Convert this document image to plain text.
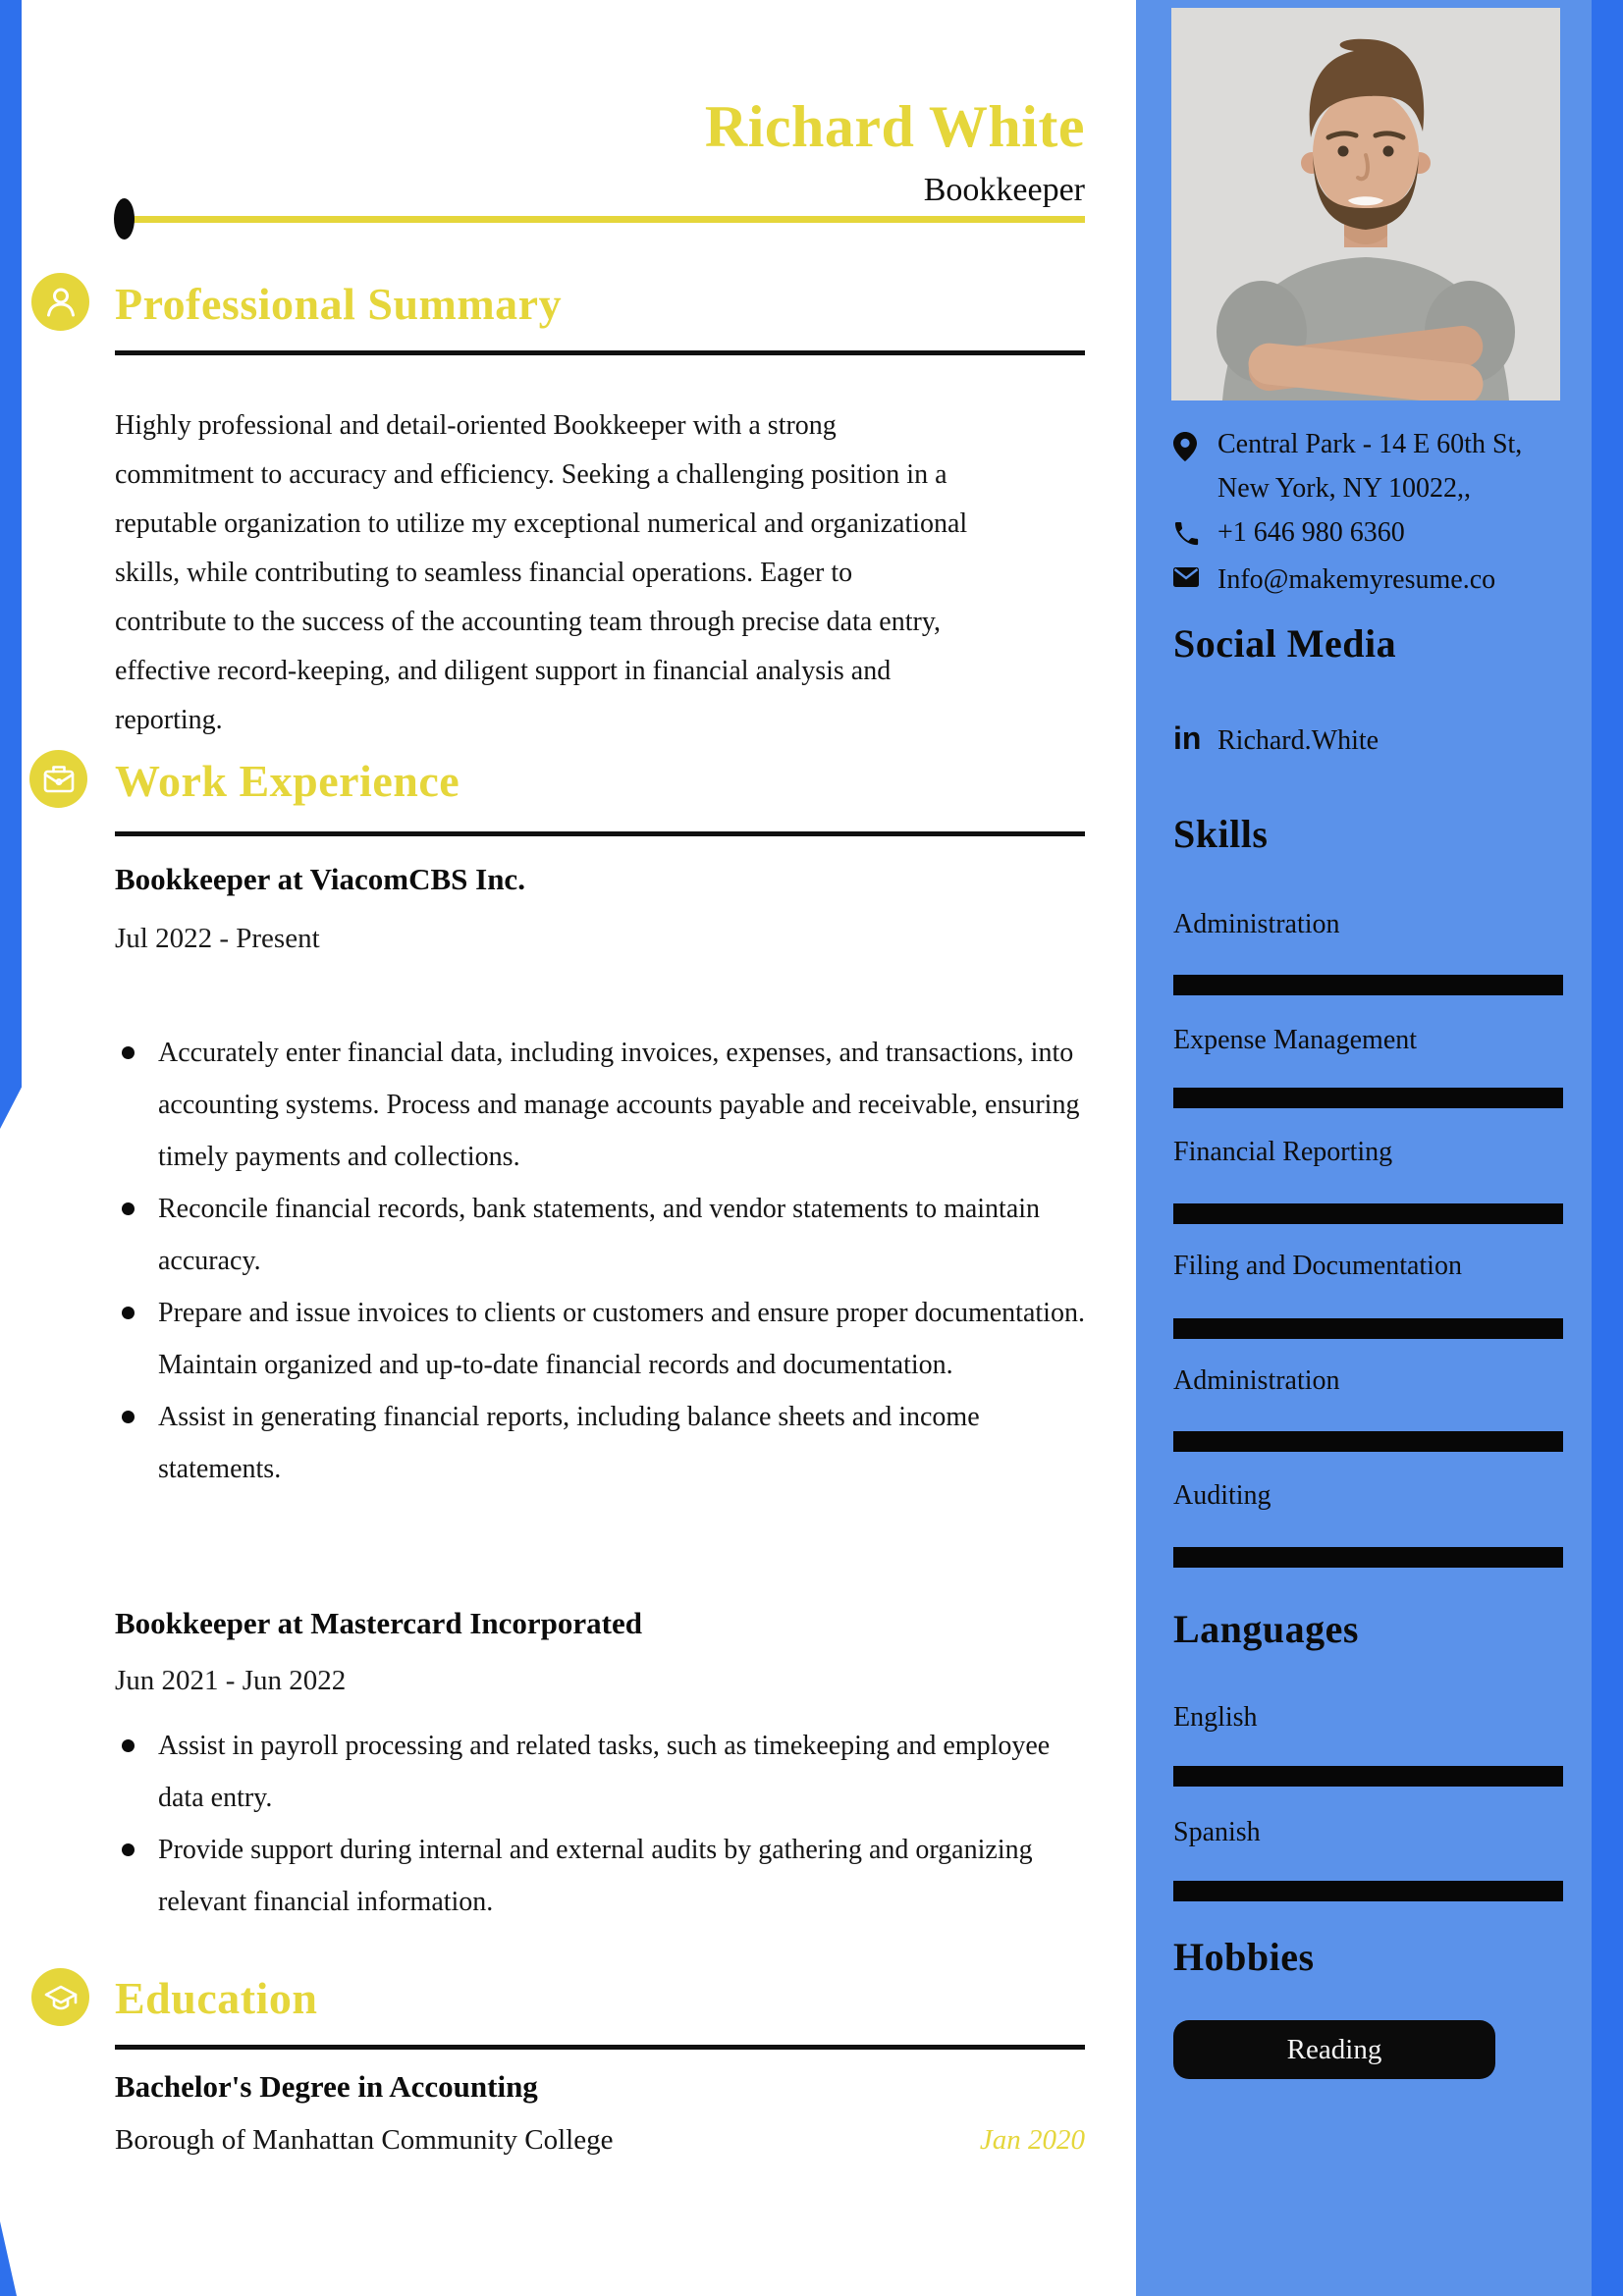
Richard White
Bookkeeper
Professional Summary
Highly professional and detail-oriented Bookkeeper with a strong
commitment to accuracy and efficiency. Seeking a challenging position in a
reputable organization to utilize my exceptional numerical and organizational
skills, while contributing to seamless financial operations. Eager to
contribute to the success of the accounting team through precise data entry,
effective record-keeping, and diligent support in financial analysis and
reporting.
Work Experience
Bookkeeper at ViacomCBS Inc.
Jul 2022 - Present
Accurately enter financial data, including invoices, expenses, and transactions, into accounting systems. Process and manage accounts payable and receivable, ensuring timely payments and collections.
Reconcile financial records, bank statements, and vendor statements to maintain accuracy.
Prepare and issue invoices to clients or customers and ensure proper documentation. Maintain organized and up-to-date financial records and documentation.
Assist in generating financial reports, including balance sheets and income statements.
Bookkeeper at Mastercard Incorporated
Jun 2021 - Jun 2022
Assist in payroll processing and related tasks, such as timekeeping and employee data entry.
Provide support during internal and external audits by gathering and organizing relevant financial information.
Education
Bachelor's Degree in Accounting
Borough of Manhattan Community College	Jan 2020
Central Park - 14 E 60th St,
New York, NY 10022,,
+1 646 980 6360
Info@makemyresume.co
Social Media
in Richard.White
Skills
Administration
Expense Management
Financial Reporting
Filing and Documentation
Administration
Auditing
Languages
English
Spanish
Hobbies
Reading
